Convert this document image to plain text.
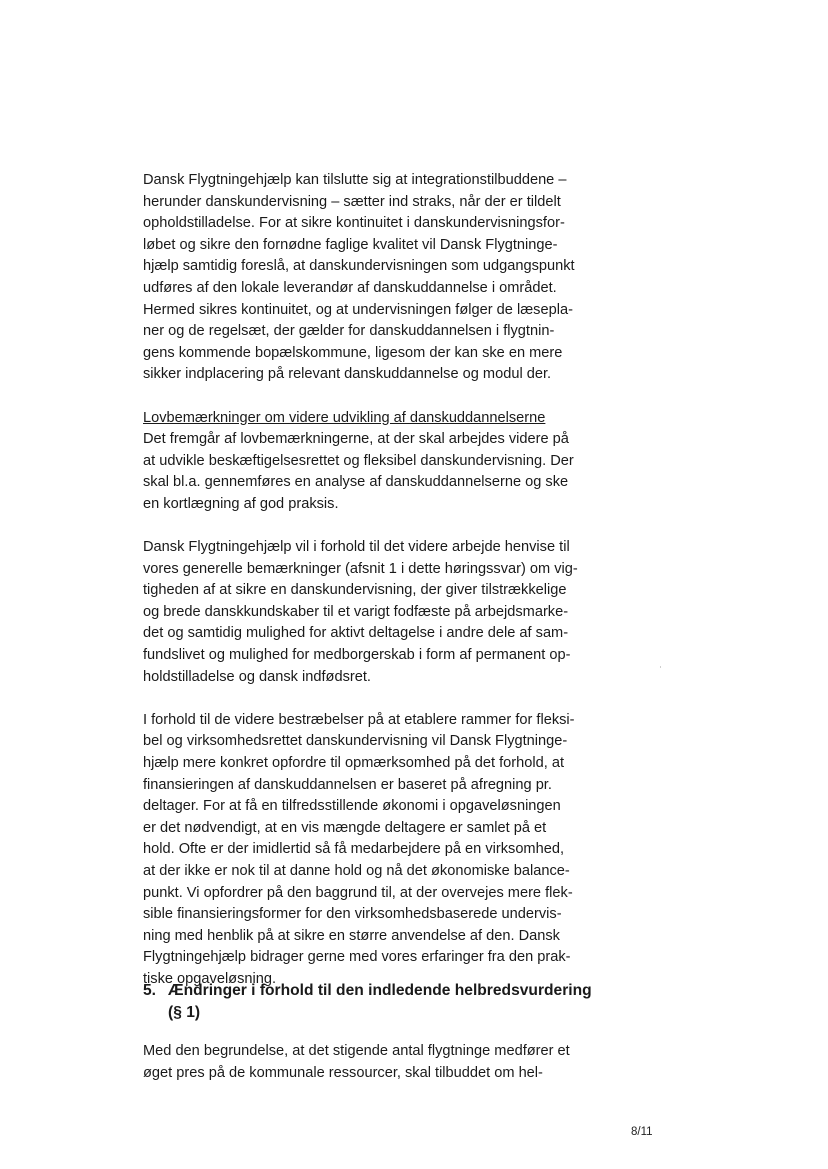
Dansk Flygtningehjælp kan tilslutte sig at integrationstilbuddene –
herunder danskundervisning – sætter ind straks, når der er tildelt
opholdstilladelse. For at sikre kontinuitet i danskundervisningsfor-
løbet og sikre den fornødne faglige kvalitet vil Dansk Flygtninge-
hjælp samtidig foreslå, at danskundervisningen som udgangspunkt
udføres af den lokale leverandør af danskuddannelse i området.
Hermed sikres kontinuitet, og at undervisningen følger de læsepla-
ner og de regelsæt, der gælder for danskuddannelsen i flygtnin-
gens kommende bopælskommune, ligesom der kan ske en mere
sikker indplacering på relevant danskuddannelse og modul der.
Lovbemærkninger om videre udvikling af danskuddannelserne
Det fremgår af lovbemærkningerne, at der skal arbejdes videre på
at udvikle beskæftigelsesrettet og fleksibel danskundervisning. Der
skal bl.a. gennemføres en analyse af danskuddannelserne og ske
en kortlægning af god praksis.
Dansk Flygtningehjælp vil i forhold til det videre arbejde henvise til
vores generelle bemærkninger (afsnit 1 i dette høringssvar) om vig-
tigheden af at sikre en danskundervisning, der giver tilstrækkelige
og brede danskkundskaber til et varigt fodfæste på arbejdsmarke-
det og samtidig mulighed for aktivt deltagelse i andre dele af sam-
fundslivet og mulighed for medborgerskab i form af permanent op-
holdstilladelse og dansk indfødsret.
I forhold til de videre bestræbelser på at etablere rammer for fleksi-
bel og virksomhedsrettet danskundervisning vil Dansk Flygtninge-
hjælp mere konkret opfordre til opmærksomhed på det forhold, at
finansieringen af danskuddannelsen er baseret på afregning pr.
deltager. For at få en tilfredsstillende økonomi i opgaveløsningen
er det nødvendigt, at en vis mængde deltagere er samlet på et
hold. Ofte er der imidlertid så få medarbejdere på en virksomhed,
at der ikke er nok til at danne hold og nå det økonomiske balance-
punkt. Vi opfordrer på den baggrund til, at der overvejes mere flek-
sible finansieringsformer for den virksomhedsbaserede undervis-
ning med henblik på at sikre en større anvendelse af den. Dansk
Flygtningehjælp bidrager gerne med vores erfaringer fra den prak-
tiske opgaveløsning.
5. Ændringer i forhold til den indledende helbredsvurdering
(§ 1)
Med den begrundelse, at det stigende antal flygtninge medfører et
øget pres på de kommunale ressourcer, skal tilbuddet om hel-
8/11
